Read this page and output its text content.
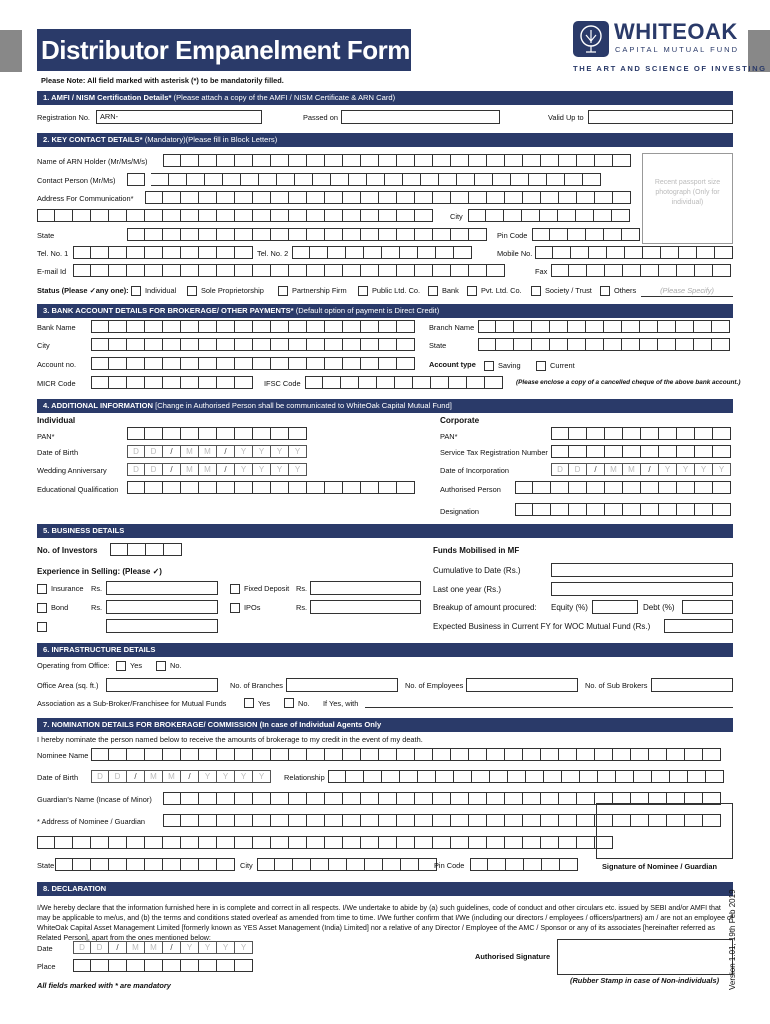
Distributor Empanelment Form
WHITEOAK
CAPITAL MUTUAL FUND
THE ART AND SCIENCE OF INVESTING
Please Note: All field marked with asterisk (*) to be mandatorily filled.
1. AMFI / NISM Certification Details* (Please attach a copy of the AMFI / NISM Certificate & ARN Card)
Registration No. ARN-	Passed on	Valid Up to
2. KEY CONTACT DETAILS* (Mandatory)(Please fill in Block Letters)
Name of ARN Holder (Mr/Ms/M/s)
Contact Person (Mr/Ms)
Address For Communication*
City
State	Pin Code
Tel. No. 1	Tel. No. 2	Mobile No.
E-mail Id	Fax
Recent passport size photograph (Only for individual)
Status (Please ✓any one): Individual	Sole Proprietorship	Partnership Firm	Public Ltd. Co.	Bank	Pvt. Ltd. Co.	Society / Trust	Others	(Please Specify)
3. BANK ACCOUNT DETAILS FOR BROKERAGE/ OTHER PAYMENTS* (Default option of payment is Direct Credit)
Bank Name	Branch Name
City	State
Account no.	Account type	Saving	Current
MICR Code	IFSC Code	(Please enclose a copy of a cancelled cheque of the above bank account.)
4. ADDITIONAL INFORMATION [Change in Authorised Person shall be communicated to WhiteOak Capital Mutual Fund]
Individual	Corporate
PAN*	PAN*
Date of Birth	D	D	/	M	M	/	Y	Y	Y	Y	Service Tax Registration Number
Wedding Anniversary	D	D	/	M	M	/	Y	Y	Y	Y	Date of Incorporation	D	D	/	M	M	/	Y	Y	Y	Y
Educational Qualification	Authorised Person
Designation
5. BUSINESS DETAILS
No. of Investors	Funds Mobilised in MF
Experience in Selling: (Please ✓)	Cumulative to Date (Rs.)
Insurance Rs.	Fixed Deposit Rs.	Last one year (Rs.)
Bond	Rs.	IPOs	Rs.	Breakup of amount procured: Equity (%)	Debt (%)
Expected Business in Current FY for WOC Mutual Fund (Rs.)
6. INFRASTRUCTURE DETAILS
Operating from Office:	Yes	No.
Office Area (sq. ft.)	No. of Branches	No. of Employees	No. of Sub Brokers
Association as a Sub-Broker/Franchisee for Mutual Funds	Yes	No. If Yes, with
7. NOMINATION DETAILS FOR BROKERAGE/ COMMISSION (In case of Individual Agents Only
I hereby nominate the person named below to receive the amounts of brokerage to my credit in the event of my death.
Nominee Name
Date of Birth	D	D	/	M	M	/	Y	Y	Y	Y	Relationship
Guardian's Name (Incase of Minor)
* Address of Nominee / Guardian
State	City	Pin Code	Signature of Nominee / Guardian
8. DECLARATION
I/We hereby declare that the information furnished here in is complete and correct in all respects. I/We undertake to abide by (a) such guidelines, code of conduct and other circulars etc. issued by SEBI and/or AMFI that may be applicable to me/us, and (b) the terms and conditions stated overleaf as amended from time to time. I/We further confirm that I/We (including our directors / employees / officers/partners) am / are not an employee of WhiteOak Capital Asset Management Limited [formerly known as YES Asset Management (India) Limited] nor a relative of any Director / Employee of the AMC / Sponsor or any of its associates [hereinafter referred as Related Person], apart from the ones mentioned below:
Date	D	D	/	M	M	/	Y	Y	Y	Y
Place
Authorised Signature
(Rubber Stamp in case of Non-individuals)
All fields marked with * are mandatory	Version 1.01, 19th Feb 2019
